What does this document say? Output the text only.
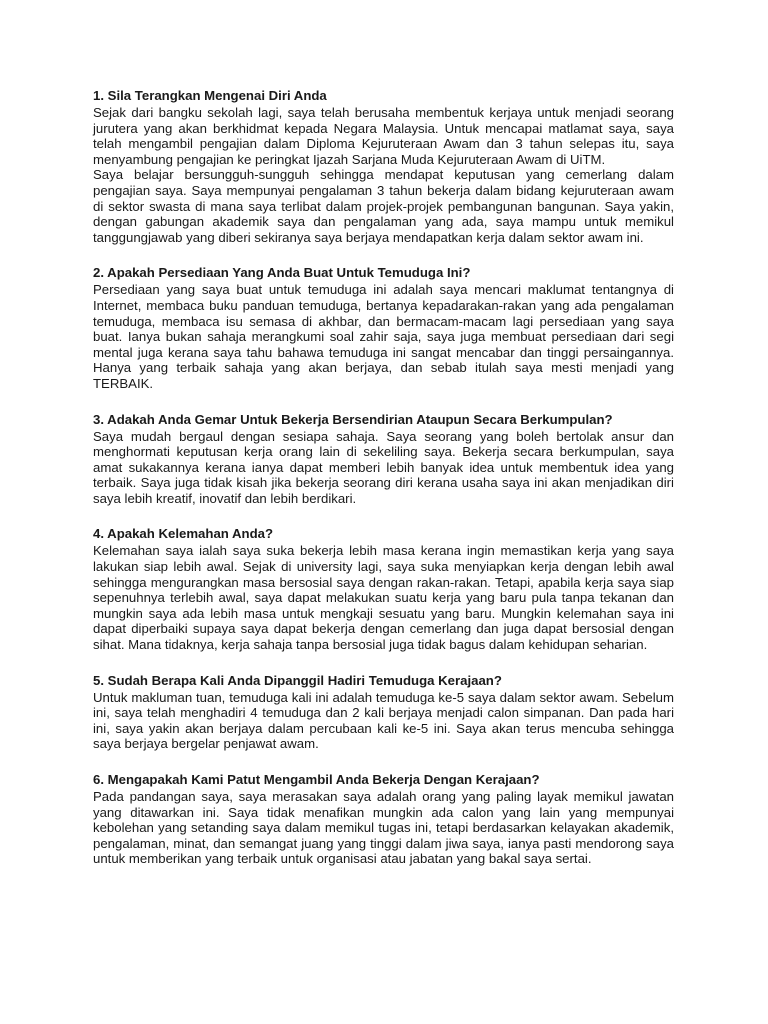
1. Sila Terangkan Mengenai Diri Anda

Sejak dari bangku sekolah lagi, saya telah berusaha membentuk kerjaya untuk menjadi seorang jurutera yang akan berkhidmat kepada Negara Malaysia. Untuk mencapai matlamat saya, saya telah mengambil pengajian dalam Diploma Kejuruteraan Awam dan 3 tahun selepas itu, saya menyambung pengajian ke peringkat Ijazah Sarjana Muda Kejuruteraan Awam di UiTM.

Saya belajar bersungguh-sungguh sehingga mendapat keputusan yang cemerlang dalam pengajian saya. Saya mempunyai pengalaman 3 tahun bekerja dalam bidang kejuruteraan awam di sektor swasta di mana saya terlibat dalam projek-projek pembangunan bangunan. Saya yakin, dengan gabungan akademik saya dan pengalaman yang ada, saya mampu untuk memikul tanggungjawab yang diberi sekiranya saya berjaya mendapatkan kerja dalam sektor awam ini.

2. Apakah Persediaan Yang Anda Buat Untuk Temuduga Ini?

Persediaan yang saya buat untuk temuduga ini adalah saya mencari maklumat tentangnya di Internet, membaca buku panduan temuduga, bertanya kepadarakan-rakan yang ada pengalaman temuduga, membaca isu semasa di akhbar, dan bermacam-macam lagi persediaan yang saya buat. Ianya bukan sahaja merangkumi soal zahir saja, saya juga membuat persediaan dari segi mental juga kerana saya tahu bahawa temuduga ini sangat mencabar dan tinggi persaingannya. Hanya yang terbaik sahaja yang akan berjaya, dan sebab itulah saya mesti menjadi yang TERBAIK.

3. Adakah Anda Gemar Untuk Bekerja Bersendirian Ataupun Secara Berkumpulan?

Saya mudah bergaul dengan sesiapa sahaja. Saya seorang yang boleh bertolak ansur dan menghormati keputusan kerja orang lain di sekeliling saya. Bekerja secara berkumpulan, saya amat sukakannya kerana ianya dapat memberi lebih banyak idea untuk membentuk idea yang terbaik. Saya juga tidak kisah jika bekerja seorang diri kerana usaha saya ini akan menjadikan diri saya lebih kreatif, inovatif dan lebih berdikari.

4. Apakah Kelemahan Anda?

Kelemahan saya ialah saya suka bekerja lebih masa kerana ingin memastikan kerja yang saya lakukan siap lebih awal. Sejak di university lagi, saya suka menyiapkan kerja dengan lebih awal sehingga mengurangkan masa bersosial saya dengan rakan-rakan. Tetapi, apabila kerja saya siap sepenuhnya terlebih awal, saya dapat melakukan suatu kerja yang baru pula tanpa tekanan dan mungkin saya ada lebih masa untuk mengkaji sesuatu yang baru. Mungkin kelemahan saya ini dapat diperbaiki supaya saya dapat bekerja dengan cemerlang dan juga dapat bersosial dengan sihat. Mana tidaknya, kerja sahaja tanpa bersosial juga tidak bagus dalam kehidupan seharian.

5. Sudah Berapa Kali Anda Dipanggil Hadiri Temuduga Kerajaan?

Untuk makluman tuan, temuduga kali ini adalah temuduga ke-5 saya dalam sektor awam. Sebelum ini, saya telah menghadiri 4 temuduga dan 2 kali berjaya menjadi calon simpanan. Dan pada hari ini, saya yakin akan berjaya dalam percubaan kali ke-5 ini. Saya akan terus mencuba sehingga saya berjaya bergelar penjawat awam.

6. Mengapakah Kami Patut Mengambil Anda Bekerja Dengan Kerajaan?

Pada pandangan saya, saya merasakan saya adalah orang yang paling layak memikul jawatan yang ditawarkan ini. Saya tidak menafikan mungkin ada calon yang lain yang mempunyai kebolehan yang setanding saya dalam memikul tugas ini, tetapi berdasarkan kelayakan akademik, pengalaman, minat, dan semangat juang yang tinggi dalam jiwa saya, ianya pasti mendorong saya untuk memberikan yang terbaik untuk organisasi atau jabatan yang bakal saya sertai.
